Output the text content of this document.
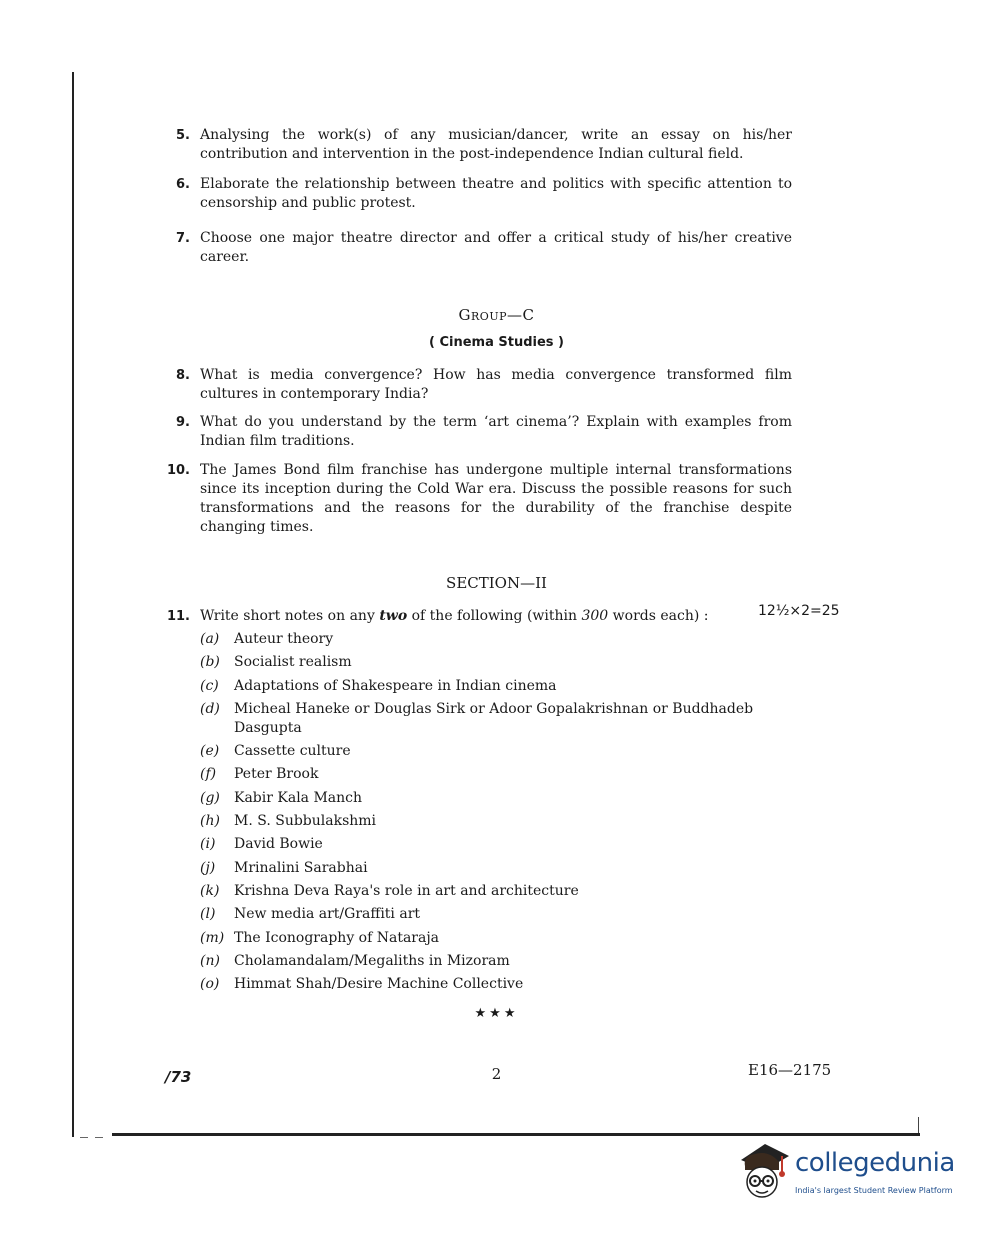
5. Analysing the work(s) of any musician/dancer, write an essay on his/her contribution and intervention in the post-independence Indian cultural field.
6. Elaborate the relationship between theatre and politics with specific attention to censorship and public protest.
7. Choose one major theatre director and offer a critical study of his/her creative career.
Group—C
( Cinema Studies )
8. What is media convergence? How has media convergence transformed film cultures in contemporary India?
9. What do you understand by the term ‘art cinema’? Explain with examples from Indian film traditions.
10. The James Bond film franchise has undergone multiple internal transformations since its inception during the Cold War era. Discuss the possible reasons for such transformations and the reasons for the durability of the franchise despite changing times.
SECTION—II
11. Write short notes on any two of the following (within 300 words each) :	12½×2=25
(a)	Auteur theory
(b)	Socialist realism
(c)	Adaptations of Shakespeare in Indian cinema
(d)	Micheal Haneke or Douglas Sirk or Adoor Gopalakrishnan or Buddhadeb Dasgupta
(e)	Cassette culture
(f)	Peter Brook
(g)	Kabir Kala Manch
(h)	M. S. Subbulakshmi
(i)	David Bowie
(j)	Mrinalini Sarabhai
(k)	Krishna Deva Raya's role in art and architecture
(l)	New media art/Graffiti art
(m) The Iconography of Nataraja
(n)	Cholamandalam/Megaliths in Mizoram
(o)	Himmat Shah/Desire Machine Collective
★★★
/73	2	E16—2175
collegedunia
India's largest Student Review Platform
